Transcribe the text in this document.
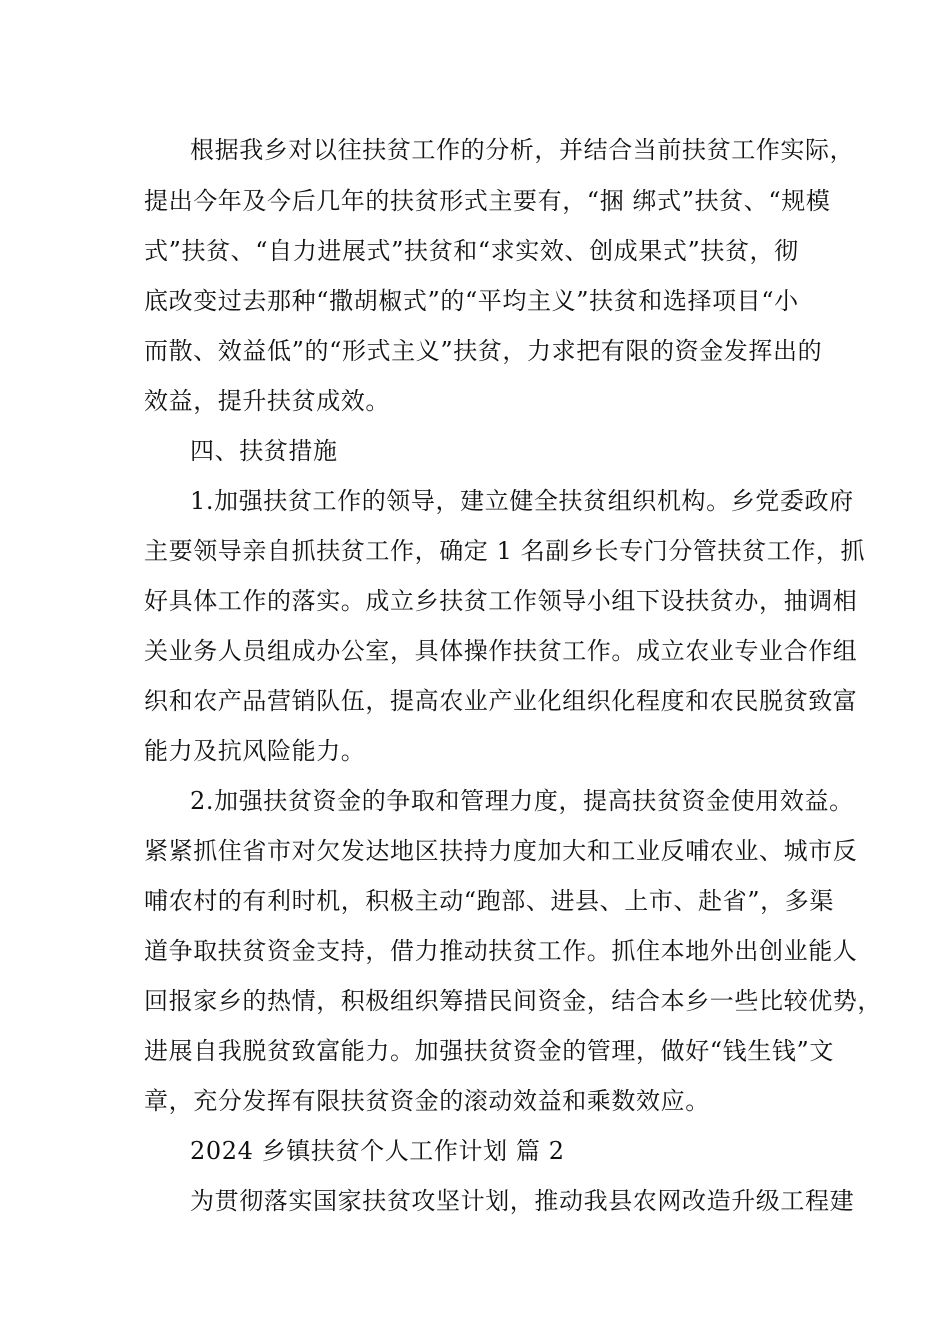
根据我乡对以往扶贫工作的分析，并结合当前扶贫工作实际，
提出今年及今后几年的扶贫形式主要有，“捆 绑式”扶贫、“规模
式”扶贫、“自力进展式”扶贫和“求实效、创成果式”扶贫，彻
底改变过去那种“撒胡椒式”的“平均主义”扶贫和选择项目“小
而散、效益低”的“形式主义”扶贫，力求把有限的资金发挥出的
效益，提升扶贫成效。
四、扶贫措施
1.加强扶贫工作的领导，建立健全扶贫组织机构。乡党委政府
主要领导亲自抓扶贫工作，确定 1 名副乡长专门分管扶贫工作，抓
好具体工作的落实。成立乡扶贫工作领导小组下设扶贫办，抽调相
关业务人员组成办公室，具体操作扶贫工作。成立农业专业合作组
织和农产品营销队伍，提高农业产业化组织化程度和农民脱贫致富
能力及抗风险能力。
2.加强扶贫资金的争取和管理力度，提高扶贫资金使用效益。
紧紧抓住省市对欠发达地区扶持力度加大和工业反哺农业、城市反
哺农村的有利时机，积极主动“跑部、进县、上市、赴省”，多渠
道争取扶贫资金支持，借力推动扶贫工作。抓住本地外出创业能人
回报家乡的热情，积极组织筹措民间资金，结合本乡一些比较优势，
进展自我脱贫致富能力。加强扶贫资金的管理，做好“钱生钱”文
章，充分发挥有限扶贫资金的滚动效益和乘数效应。
2024 乡镇扶贫个人工作计划 篇 2
为贯彻落实国家扶贫攻坚计划，推动我县农网改造升级工程建
